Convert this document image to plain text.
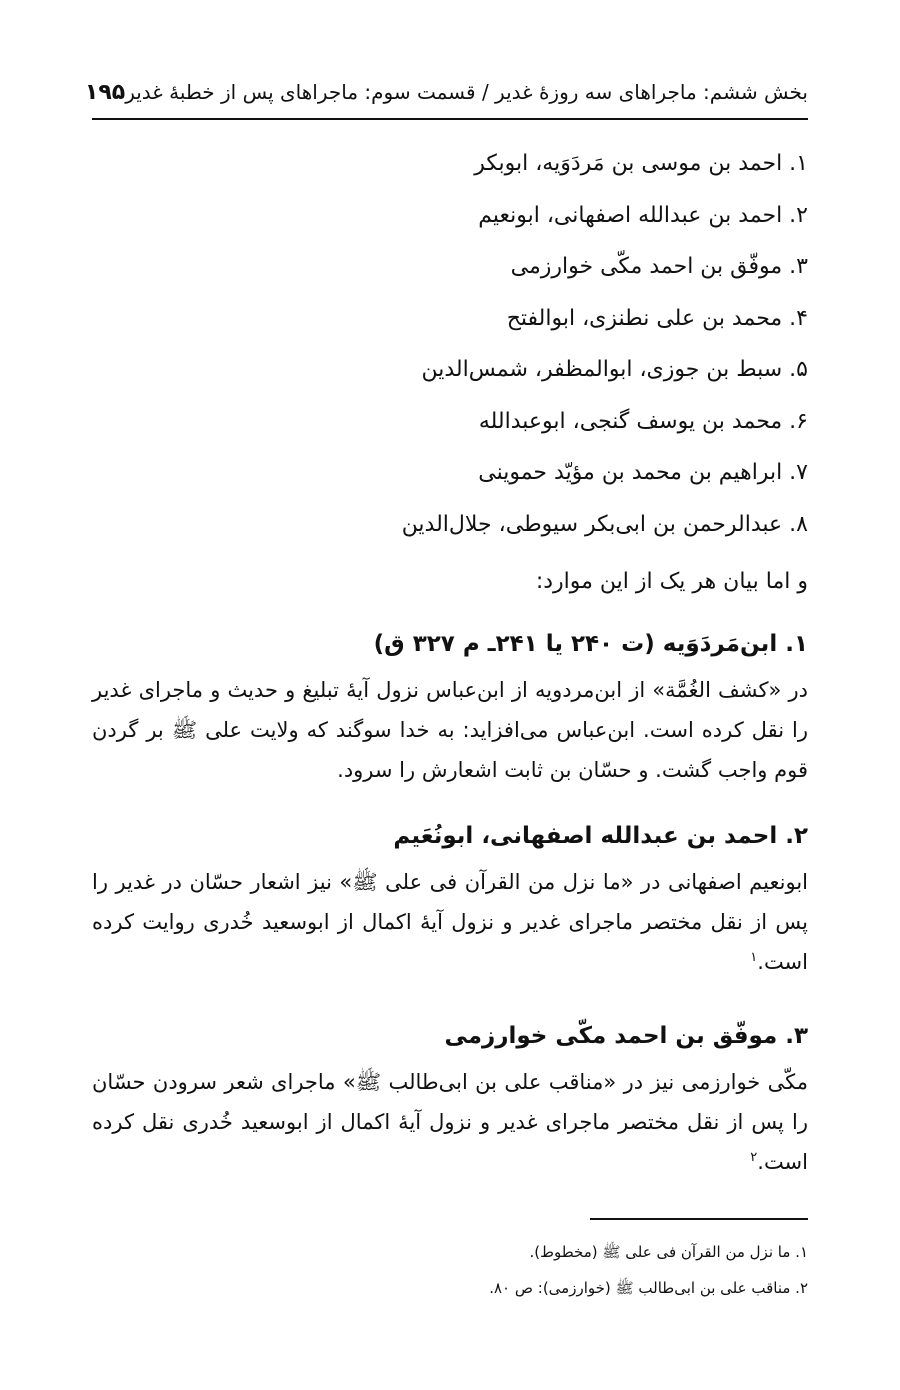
بخش ششم: ماجراهای سه روزهٔ غدیر / قسمت سوم: ماجراهای پس از خطبهٔ غدیر
۱۹۵
۱. احمد بن موسی بن مَردَوَیه، ابوبکر
۲. احمد بن عبدالله اصفهانی، ابونعیم
۳. موفّق بن احمد مکّی خوارزمی
۴. محمد بن علی نطنزی، ابوالفتح
۵. سبط بن جوزی، ابوالمظفر، شمس‌الدین
۶. محمد بن یوسف گنجی، ابوعبدالله
۷. ابراهیم بن محمد بن مؤیّد حموینی
۸. عبدالرحمن بن ابی‌بکر سیوطی، جلال‌الدین
و اما بیان هر یک از این موارد:
۱. ابن‌مَردَوَیه (ت ۲۴۰ یا ۲۴۱ـ م ۳۲۷ ق)
در «کشف الغُمَّة» از ابن‌مردویه از ابن‌عباس نزول آیهٔ تبلیغ و حدیث و ماجرای غدیر را نقل کرده است. ابن‌عباس می‌افزاید: به خدا سوگند که ولایت علی ﷺ بر گردن قوم واجب گشت. و حسّان بن ثابت اشعارش را سرود.
۲. احمد بن عبدالله اصفهانی، ابونُعَیم
ابونعیم اصفهانی در «ما نزل من القرآن فی علی ﷺ» نیز اشعار حسّان در غدیر را پس از نقل مختصر ماجرای غدیر و نزول آیهٔ اکمال از ابوسعید خُدری روایت کرده است.$^۱$
۳. موفّق بن احمد مکّی خوارزمی
مکّی خوارزمی نیز در «مناقب علی بن ابی‌طالب ﷺ» ماجرای شعر سرودن حسّان را پس از نقل مختصر ماجرای غدیر و نزول آیهٔ اکمال از ابوسعید خُدری نقل کرده است.$^۲$
۱. ما نزل من القرآن فی علی ﷺ (مخطوط).
۲. مناقب علی بن ابی‌طالب ﷺ (خوارزمی): ص ۸۰.
